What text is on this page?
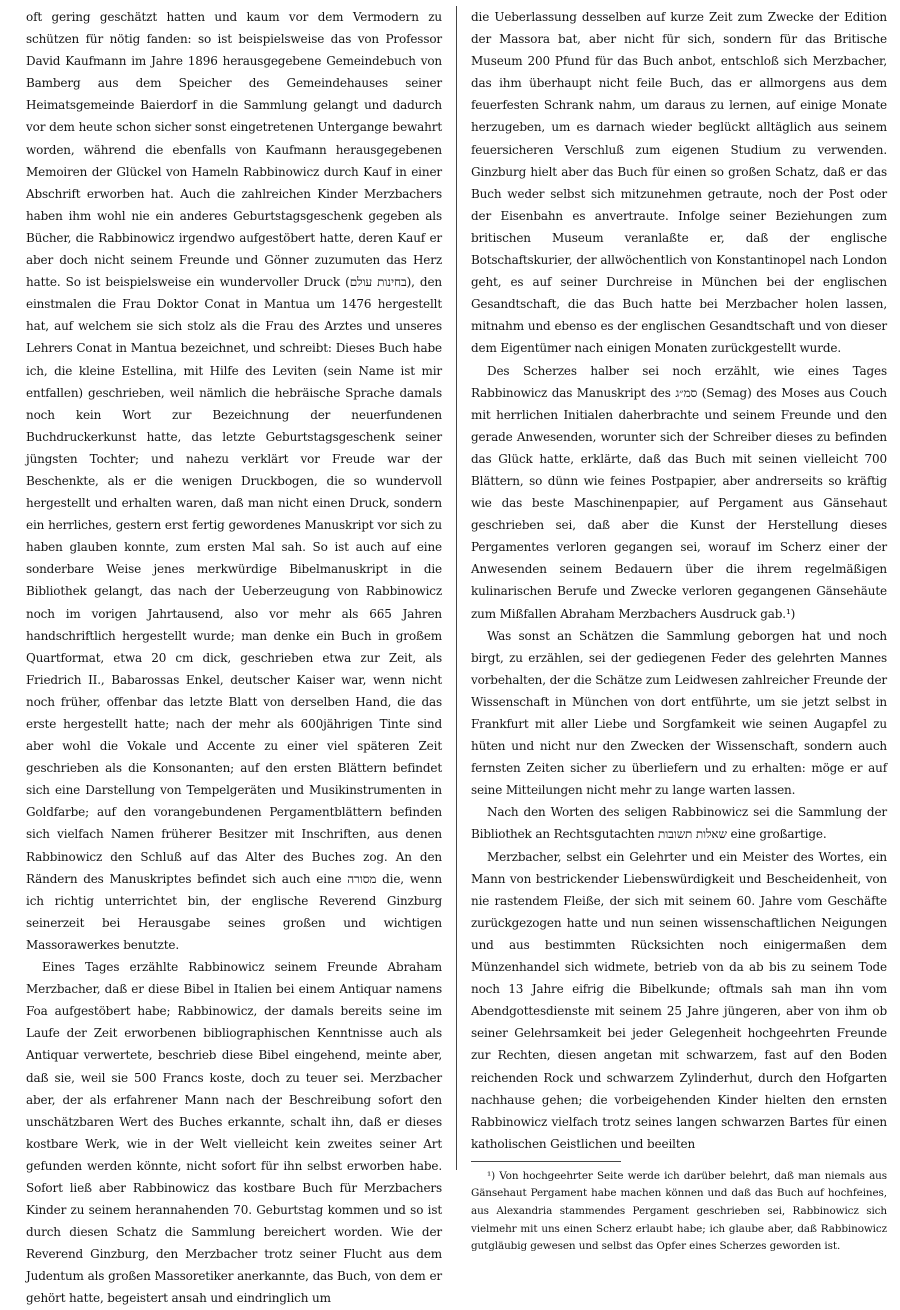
oft gering geschätzt hatten und kaum vor dem Vermodern zu schützen für nötig fanden: so ist beispielsweise das von Professor David Kaufmann im Jahre 1896 herausgegebene Gemeindebuch von Bamberg aus dem Speicher des Gemeindehauses seiner Heimatsgemeinde Baierdorf in die Sammlung gelangt und dadurch vor dem heute schon sicher sonst eingetretenen Untergange bewahrt worden, während die ebenfalls von Kaufmann herausgegebenen Memoiren der Glückel von Hameln Rabbinowicz durch Kauf in einer Abschrift erworben hat. Auch die zahlreichen Kinder Merzbachers haben ihm wohl nie ein anderes Geburtstagsgeschenk gegeben als Bücher, die Rabbinowicz irgendwo aufgestöbert hatte, deren Kauf er aber doch nicht seinem Freunde und Gönner zuzumuten das Herz hatte. So ist beispielsweise ein wundervoller Druck (בחינות עולם), den einstmalen die Frau Doktor Conat in Mantua um 1476 hergestellt hat, auf welchem sie sich stolz als die Frau des Arztes und unseres Lehrers Conat in Mantua bezeichnet, und schreibt: Dieses Buch habe ich, die kleine Estellina, mit Hilfe des Leviten (sein Name ist mir entfallen) geschrieben, weil nämlich die hebräische Sprache damals noch kein Wort zur Bezeichnung der neuerfundenen Buchdruckerkunst hatte, das letzte Geburtstagsgeschenk seiner jüngsten Tochter; und nahezu verklärt vor Freude war der Beschenkte, als er die wenigen Druckbogen, die so wundervoll hergestellt und erhalten waren, daß man nicht einen Druck, sondern ein herrliches, gestern erst fertig gewordenes Manuskript vor sich zu haben glauben konnte, zum ersten Mal sah. So ist auch auf eine sonderbare Weise jenes merkwürdige Bibelmanuskript in die Bibliothek gelangt, das nach der Ueberzeugung von Rabbinowicz noch im vorigen Jahrtausend, also vor mehr als 665 Jahren handschriftlich hergestellt wurde; man denke ein Buch in großem Quartformat, etwa 20 cm dick, geschrieben etwa zur Zeit, als Friedrich II., Babarossas Enkel, deutscher Kaiser war, wenn nicht noch früher, offenbar das letzte Blatt von derselben Hand, die das erste hergestellt hatte; nach der mehr als 600jährigen Tinte sind aber wohl die Vokale und Accente zu einer viel späteren Zeit geschrieben als die Konsonanten; auf den ersten Blättern befindet sich eine Darstellung von Tempelgeräten und Musikinstrumenten in Goldfarbe; auf den vorangebundenen Pergamentblättern befinden sich vielfach Namen früherer Besitzer mit Inschriften, aus denen Rabbinowicz den Schluß auf das Alter des Buches zog. An den Rändern des Manuskriptes befindet sich auch eine מסורה die, wenn ich richtig unterrichtet bin, der englische Reverend Ginzburg seinerzeit bei Herausgabe seines großen und wichtigen Massorawerkes benutzte.

Eines Tages erzählte Rabbinowicz seinem Freunde Abraham Merzbacher, daß er diese Bibel in Italien bei einem Antiquar namens Foa aufgestöbert habe; Rabbinowicz, der damals bereits seine im Laufe der Zeit erworbenen bibliographischen Kenntnisse auch als Antiquar verwertete, beschrieb diese Bibel eingehend, meinte aber, daß sie, weil sie 500 Francs koste, doch zu teuer sei. Merzbacher aber, der als erfahrener Mann nach der Beschreibung sofort den unschätzbaren Wert des Buches erkannte, schalt ihn, daß er dieses kostbare Werk, wie in der Welt vielleicht kein zweites seiner Art gefunden werden könnte, nicht sofort für ihn selbst erworben habe. Sofort ließ aber Rabbinowicz das kostbare Buch für Merzbachers Kinder zu seinem herannahenden 70. Geburtstag kommen und so ist durch diesen Schatz die Sammlung bereichert worden. Wie der Reverend Ginzburg, den Merzbacher trotz seiner Flucht aus dem Judentum als großen Massoretiker anerkannte, das Buch, von dem er gehört hatte, begeistert ansah und eindringlich um

die Ueberlassung desselben auf kurze Zeit zum Zwecke der Edition der Massora bat, aber nicht für sich, sondern für das Britische Museum 200 Pfund für das Buch anbot, entschloß sich Merzbacher, das ihm überhaupt nicht feile Buch, das er allmorgens aus dem feuerfesten Schrank nahm, um daraus zu lernen, auf einige Monate herzugeben, um es darnach wieder beglückt alltäglich aus seinem feuersicheren Verschluß zum eigenen Studium zu verwenden. Ginzburg hielt aber das Buch für einen so großen Schatz, daß er das Buch weder selbst sich mitzunehmen getraute, noch der Post oder der Eisenbahn es anvertraute. Infolge seiner Beziehungen zum britischen Museum veranlaßte er, daß der englische Botschaftskurier, der allwöchentlich von Konstantinopel nach London geht, es auf seiner Durchreise in München bei der englischen Gesandtschaft, die das Buch hatte bei Merzbacher holen lassen, mitnahm und ebenso es der englischen Gesandtschaft und von dieser dem Eigentümer nach einigen Monaten zurückgestellt wurde.

Des Scherzes halber sei noch erzählt, wie eines Tages Rabbinowicz das Manuskript des סמ״ג (Semag) des Moses aus Couch mit herrlichen Initialen daherbrachte und seinem Freunde und den gerade Anwesenden, worunter sich der Schreiber dieses zu befinden das Glück hatte, erklärte, daß das Buch mit seinen vielleicht 700 Blättern, so dünn wie feines Postpapier, aber andrerseits so kräftig wie das beste Maschinenpapier, auf Pergament aus Gänsehaut geschrieben sei, daß aber die Kunst der Herstellung dieses Pergamentes verloren gegangen sei, worauf im Scherz einer der Anwesenden seinem Bedauern über die ihrem regelmäßigen kulinarischen Berufe und Zwecke verloren gegangenen Gänsehäute zum Mißfallen Abraham Merzbachers Ausdruck gab.¹)

Was sonst an Schätzen die Sammlung geborgen hat und noch birgt, zu erzählen, sei der gediegenen Feder des gelehrten Mannes vorbehalten, der die Schätze zum Leidwesen zahlreicher Freunde der Wissenschaft in München von dort entführte, um sie jetzt selbst in Frankfurt mit aller Liebe und Sorgfamkeit wie seinen Augapfel zu hüten und nicht nur den Zwecken der Wissenschaft, sondern auch fernsten Zeiten sicher zu überliefern und zu erhalten: möge er auf seine Mitteilungen nicht mehr zu lange warten lassen.

Nach den Worten des seligen Rabbinowicz sei die Sammlung der Bibliothek an Rechtsgutachten שאלות תשובות eine großartige.

Merzbacher, selbst ein Gelehrter und ein Meister des Wortes, ein Mann von bestrickender Liebenswürdigkeit und Bescheidenheit, von nie rastendem Fleiße, der sich mit seinem 60. Jahre vom Geschäfte zurückgezogen hatte und nun seinen wissenschaftlichen Neigungen und aus bestimmten Rücksichten noch einigermaßen dem Münzenhandel sich widmete, betrieb von da ab bis zu seinem Tode noch 13 Jahre eifrig die Bibelkunde; oftmals sah man ihn vom Abendgottesdienste mit seinem 25 Jahre jüngeren, aber von ihm ob seiner Gelehrsamkeit bei jeder Gelegenheit hochgeehrten Freunde zur Rechten, diesen angetan mit schwarzem, fast auf den Boden reichenden Rock und schwarzem Zylinderhut, durch den Hofgarten nachhause gehen; die vorbeigehenden Kinder hielten den ernsten Rabbinowicz vielfach trotz seines langen schwarzen Bartes für einen katholischen Geistlichen und beeilten

¹) Von hochgeehrter Seite werde ich darüber belehrt, daß man niemals aus Gänsehaut Pergament habe machen können und daß das Buch auf hochfeines, aus Alexandria stammendes Pergament geschrieben sei, Rabbinowicz sich vielmehr mit uns einen Scherz erlaubt habe; ich glaube aber, daß Rabbinowicz gutgläubig gewesen und selbst das Opfer eines Scherzes geworden ist.
